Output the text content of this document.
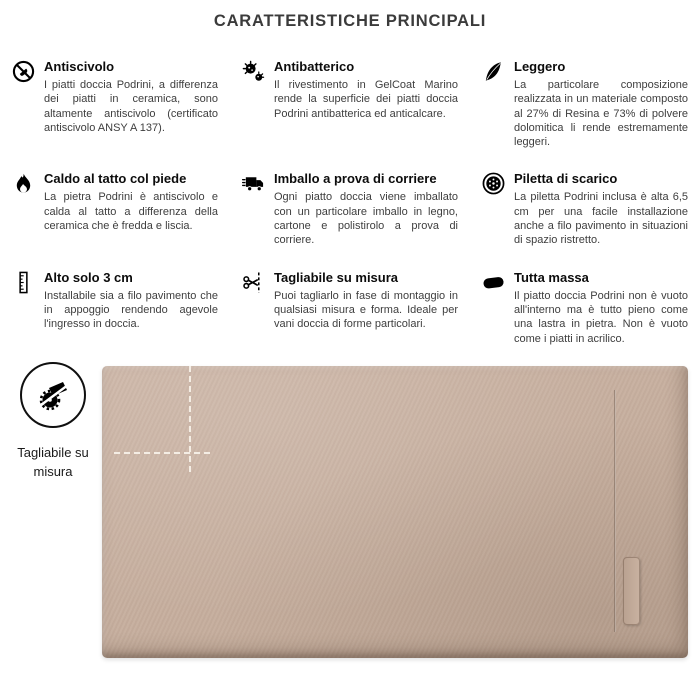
CARATTERISTICHE PRINCIPALI
Antiscivolo
I piatti doccia Podrini, a differenza dei piatti in ceramica, sono altamente antiscivolo (certificato antiscivolo ANSY A 137).
Antibatterico
Il rivestimento in GelCoat Marino rende la superficie dei piatti doccia Podrini antibatterica ed anticalcare.
Leggero
La particolare composizione realizzata in un materiale composto al 27% di Resina e 73% di polvere dolomitica li rende estremamente leggeri.
Caldo al tatto col piede
La pietra Podrini è antiscivolo e calda al tatto a differenza della ceramica che è fredda e liscia.
Imballo a prova di corriere
Ogni piatto doccia viene imballato con un particolare imballo in legno, cartone e polistirolo a prova di corriere.
Piletta di scarico
La piletta Podrini inclusa è alta 6,5 cm per una facile installazione anche a filo pavimento in situazioni di spazio ristretto.
Alto solo 3 cm
Installabile sia a filo pavimento che in appoggio rendendo agevole l'ingresso in doccia.
Tagliabile su misura
Puoi tagliarlo in fase di montaggio in qualsiasi misura e forma. Ideale per vani doccia di forme particolari.
Tutta massa
Il piatto doccia Podrini non è vuoto all'interno ma è tutto pieno come una lastra in pietra. Non è vuoto come i piatti in acrilico.
Tagliabile su misura
